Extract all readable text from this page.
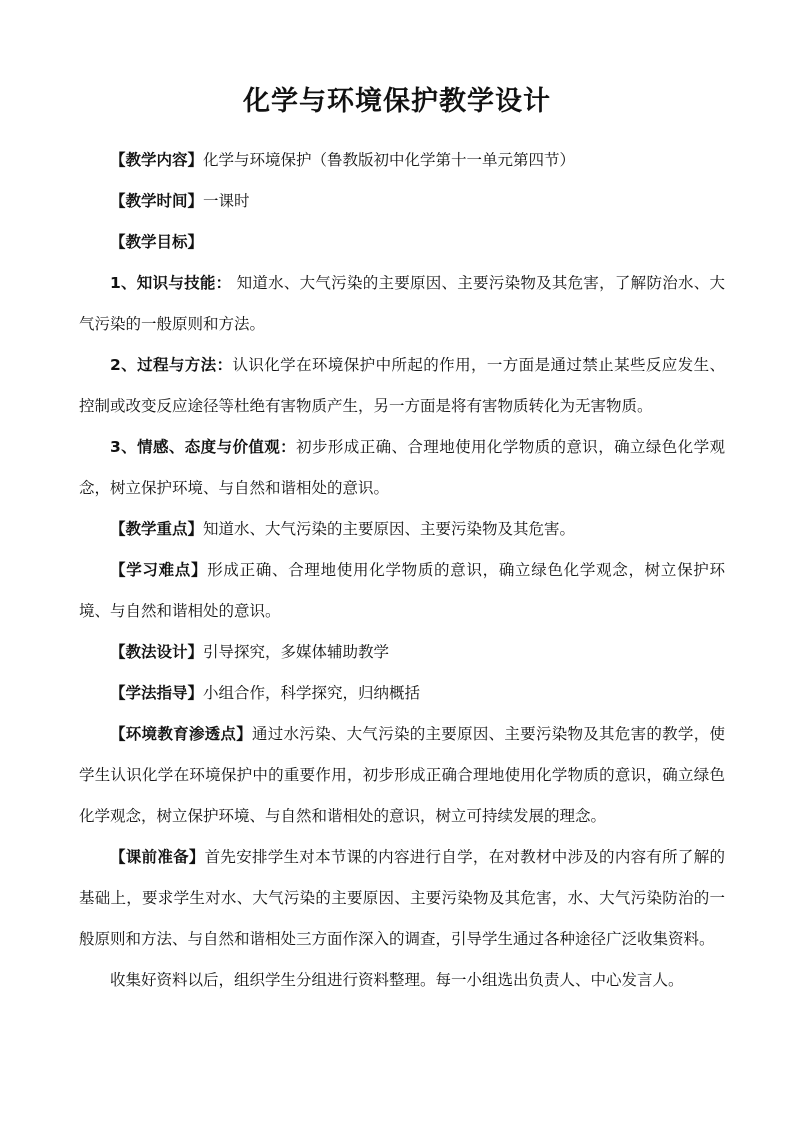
化学与环境保护教学设计

【教学内容】化学与环境保护（鲁教版初中化学第十一单元第四节）

【教学时间】一课时

【教学目标】

1、知识与技能： 知道水、大气污染的主要原因、主要污染物及其危害，了解防治水、大气污染的一般原则和方法。

2、过程与方法：认识化学在环境保护中所起的作用，一方面是通过禁止某些反应发生、控制或改变反应途径等杜绝有害物质产生，另一方面是将有害物质转化为无害物质。

3、情感、态度与价值观：初步形成正确、合理地使用化学物质的意识，确立绿色化学观念，树立保护环境、与自然和谐相处的意识。

【教学重点】知道水、大气污染的主要原因、主要污染物及其危害。

【学习难点】形成正确、合理地使用化学物质的意识，确立绿色化学观念，树立保护环境、与自然和谐相处的意识。

【教法设计】引导探究，多媒体辅助教学

【学法指导】小组合作，科学探究，归纳概括

【环境教育渗透点】通过水污染、大气污染的主要原因、主要污染物及其危害的教学，使学生认识化学在环境保护中的重要作用，初步形成正确合理地使用化学物质的意识，确立绿色化学观念，树立保护环境、与自然和谐相处的意识，树立可持续发展的理念。

【课前准备】首先安排学生对本节课的内容进行自学，在对教材中涉及的内容有所了解的基础上，要求学生对水、大气污染的主要原因、主要污染物及其危害，水、大气污染防治的一般原则和方法、与自然和谐相处三方面作深入的调查，引导学生通过各种途径广泛收集资料。

收集好资料以后，组织学生分组进行资料整理。每一小组选出负责人、中心发言人。
